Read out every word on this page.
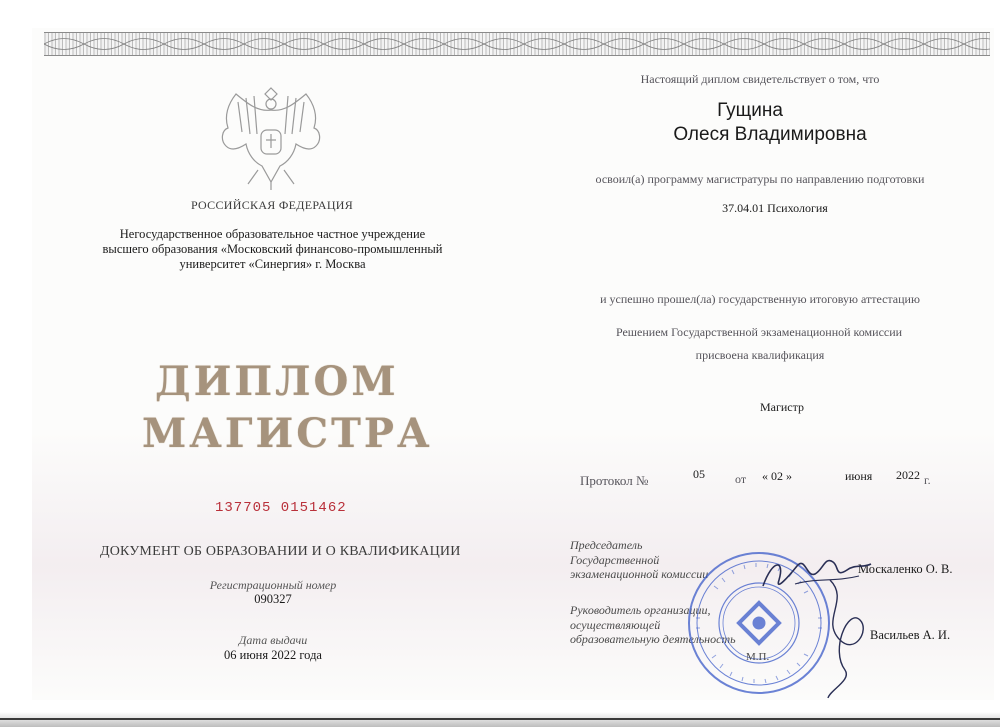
РОССИЙСКАЯ ФЕДЕРАЦИЯ
Негосударственное образовательное частное учреждение высшего образования «Московский финансово-промышленный университет «Синергия» г. Москва
ДИПЛОМ
МАГИСТРА
137705 0151462
ДОКУМЕНТ ОБ ОБРАЗОВАНИИ И О КВАЛИФИКАЦИИ
Регистрационный номер
090327
Дата выдачи
06 июня 2022 года
Настоящий диплом свидетельствует о том, что
Гущина
Олеся Владимировна
освоил(а) программу магистратуры по направлению подготовки
37.04.01 Психология
и успешно прошел(ла) государственную итоговую аттестацию
Решением Государственной экзаменационной комиссии
присвоена квалификация
Магистр
Протокол №	05	от	« 02 »	июня	2022 г.
Председатель Государственной экзаменационной комиссии	Москаленко О. В.
Руководитель организации, осуществляющей образовательную деятельность	Васильев А. И.
М.П.
